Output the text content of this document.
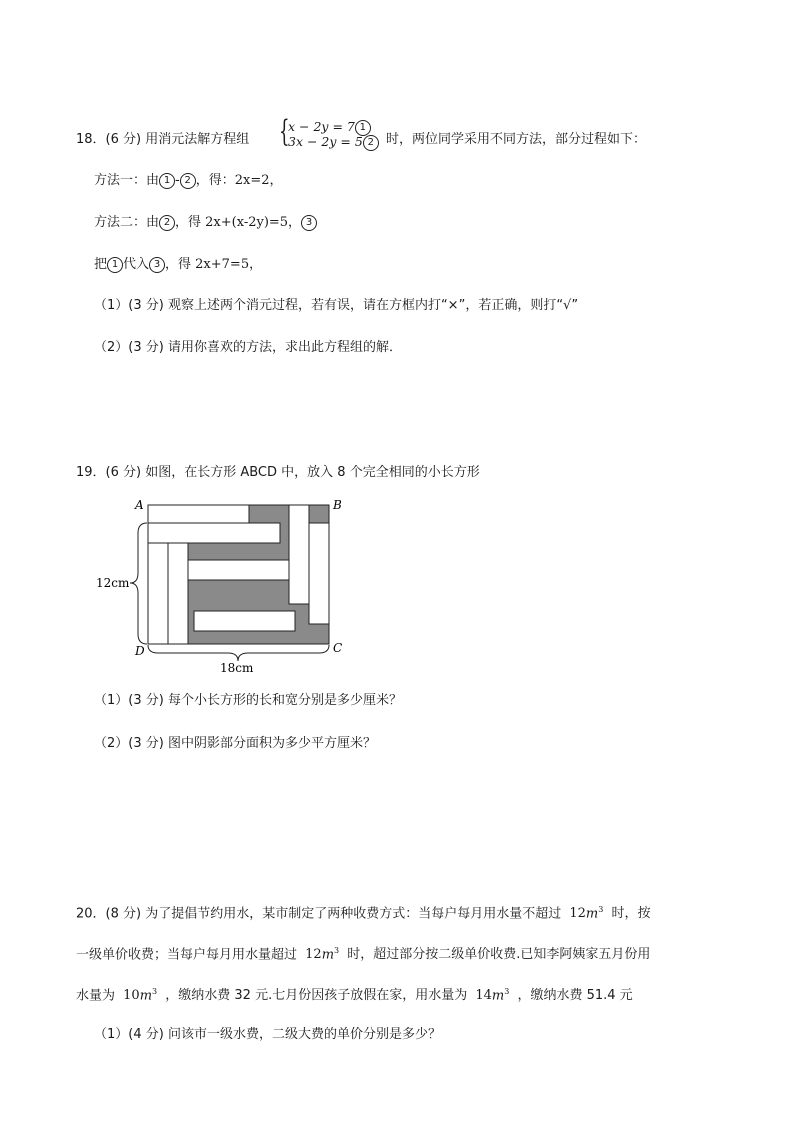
18．(6 分) 用消元法解方程组 {
x − 2y = 7 1
3x − 2y = 5 2 时，两位同学采用不同方法，部分过程如下：
方法一：由 1 - 2 ，得：2x=2，
方法二：由 2 ，得 2x+(x-2y)=5， 3
把 1 代入 3 ，得 2x+7=5，
（1）(3 分) 观察上述两个消元过程，若有误，请在方框内打“×”，若正确，则打“√”
（2）(3 分) 请用你喜欢的方法，求出此方程组的解．
19．(6 分) 如图，在长方形 ABCD 中，放入 8 个完全相同的小长方形
A	B
C
D
12cm
18cm
（1）(3 分) 每个小长方形的长和宽分别是多少厘米？
（2）(3 分) 图中阴影部分面积为多少平方厘米？
20．(8 分) 为了提倡节约用水，某市制定了两种收费方式：当每户每月用水量不超过 $12m^3$ 时，按
一级单价收费；当每户每月用水量超过 $12m^3$ 时，超过部分按二级单价收费.已知李阿姨家五月份用
水量为 $10m^3$ ，缴纳水费 32 元.七月份因孩子放假在家，用水量为 $14m^3$ ，缴纳水费 51.4 元
（1）(4 分) 问该市一级水费，二级大费的单价分别是多少？
